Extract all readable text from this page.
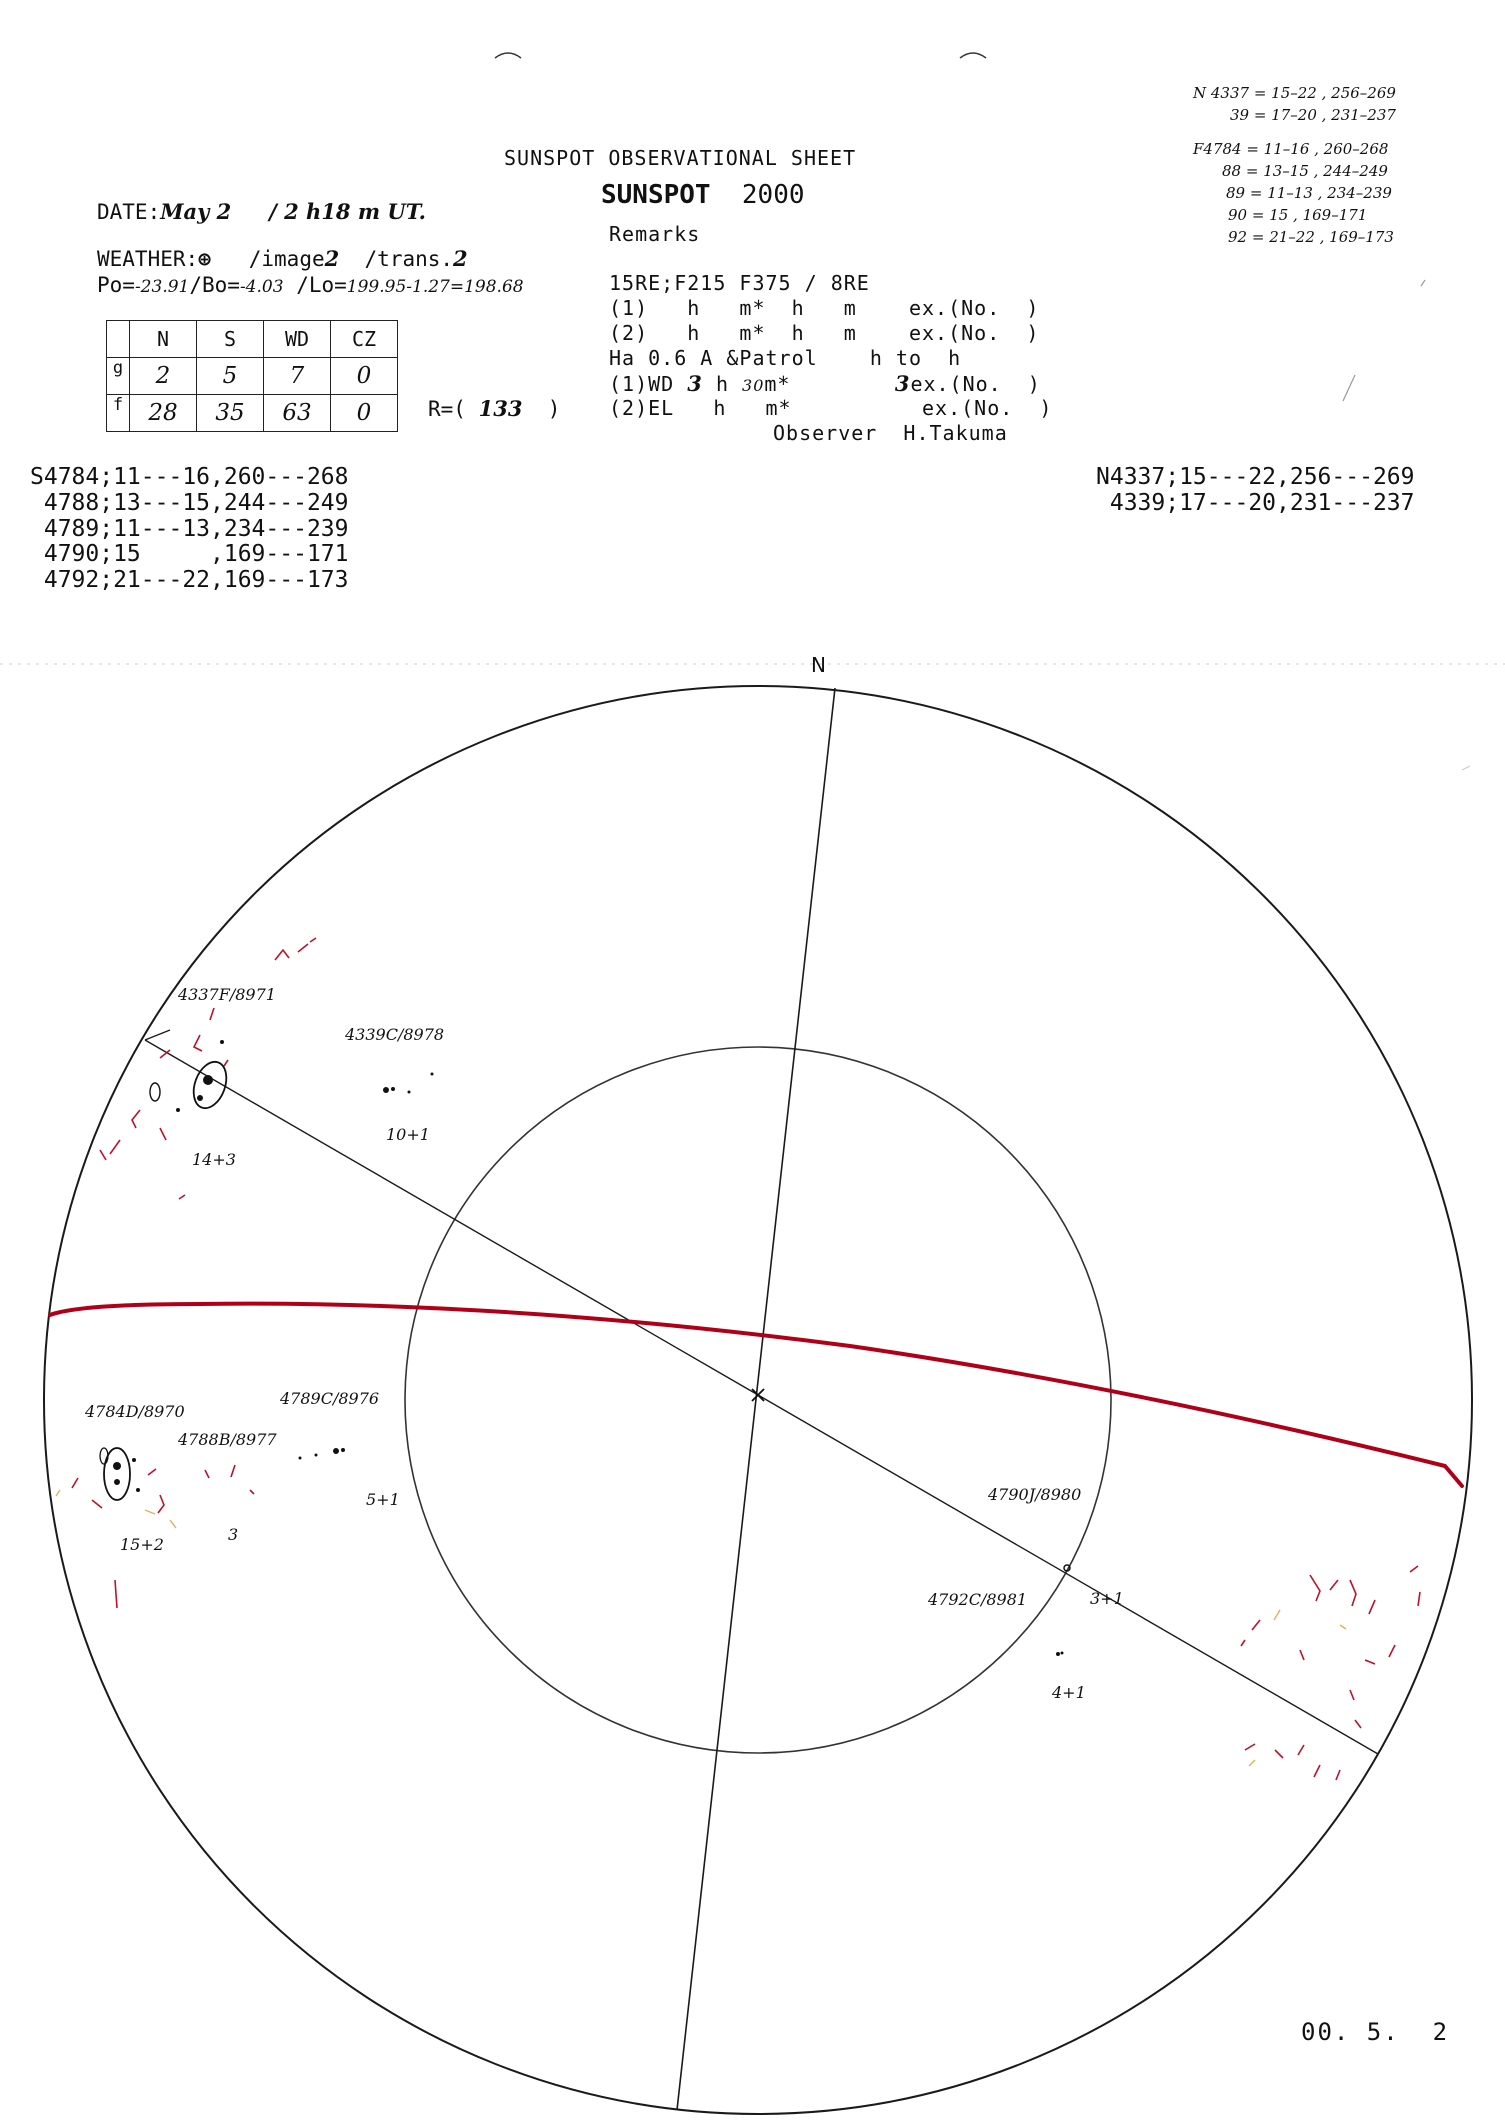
SUNSPOT OBSERVATIONAL SHEET
SUNSPOT 2000
N 4337 = 15–22 , 256–269
39 = 17–20 , 231–237
F4784 = 11–16 , 260–268
88 = 13–15 , 244–249
89 = 11–13 , 234–239
90 = 15 , 169–171
92 = 21–22 , 169–173
DATE:May 2 / 2 h18 m UT.
WEATHER:⊕ /image2 /trans.2
Po=-23.91/Bo=-4.03 /Lo=199.95-1.27=198.68
	N	S	WD	CZ
g	2	5	7	0
f	28	35	63	0	R=( 133 )
Remarks
15RE;F215 F375 / 8RE
(1)   h   m*  h   m    ex.(No.  )
(2)   h   m*  h   m    ex.(No.  )
Ha 0.6 A &Patrol    h to  h
(1)WD 3 h 30m*	3ex.(No.  )
(2)EL   h   m*          ex.(No.  )
Observer H.Takuma
S4784;11---16,260---268
4788;13---15,244---249
4789;11---13,234---239
4790;15     ,169---171
4792;21---22,169---173
N4337;15---22,256---269
4339;17---20,231---237
N
4337F/8971
14+3
4339C/8978
10+1
4784D/8970
15+2
4788B/8977
3
4789C/8976
5+1	4790J/8980
3+1
4792C/8981
4+1
00. 5.  2
